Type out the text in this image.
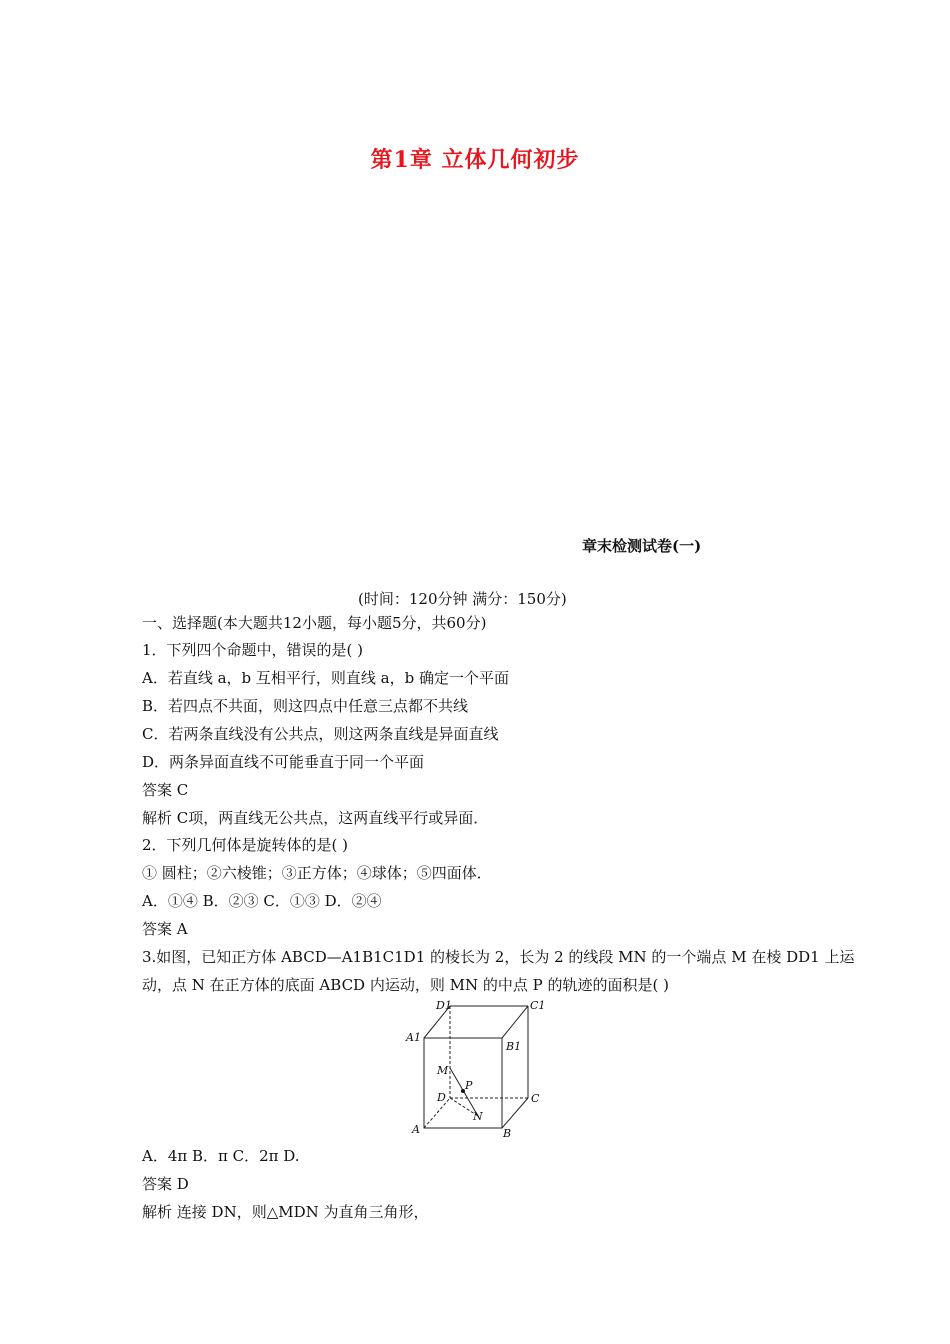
第1章 立体几何初步
章末检测试卷(一)
(时间：120分钟 满分：150分)
一、选择题(本大题共12小题，每小题5分，共60分)
1．下列四个命题中，错误的是( )
A．若直线 a，b 互相平行，则直线 a，b 确定一个平面
B．若四点不共面，则这四点中任意三点都不共线
C．若两条直线没有公共点，则这两条直线是异面直线
D．两条异面直线不可能垂直于同一个平面
答案 C
解析 C项，两直线无公共点，这两直线平行或异面．
2．下列几何体是旋转体的是( )
① 圆柱；②六棱锥；③正方体；④球体；⑤四面体．
A．①④ B．②③ C．①③ D．②④
答案 A
3.如图，已知正方体 ABCD—A1B1C1D1 的棱长为 2，长为 2 的线段 MN 的一个端点 M 在棱 DD1 上运
动，点 N 在正方体的底面 ABCD 内运动，则 MN 的中点 P 的轨迹的面积是( )
D1	C1
A1
B1
M
P
D	C
N
A	B
A．4π B．π C．2π D.
答案 D
解析 连接 DN，则△MDN 为直角三角形，
